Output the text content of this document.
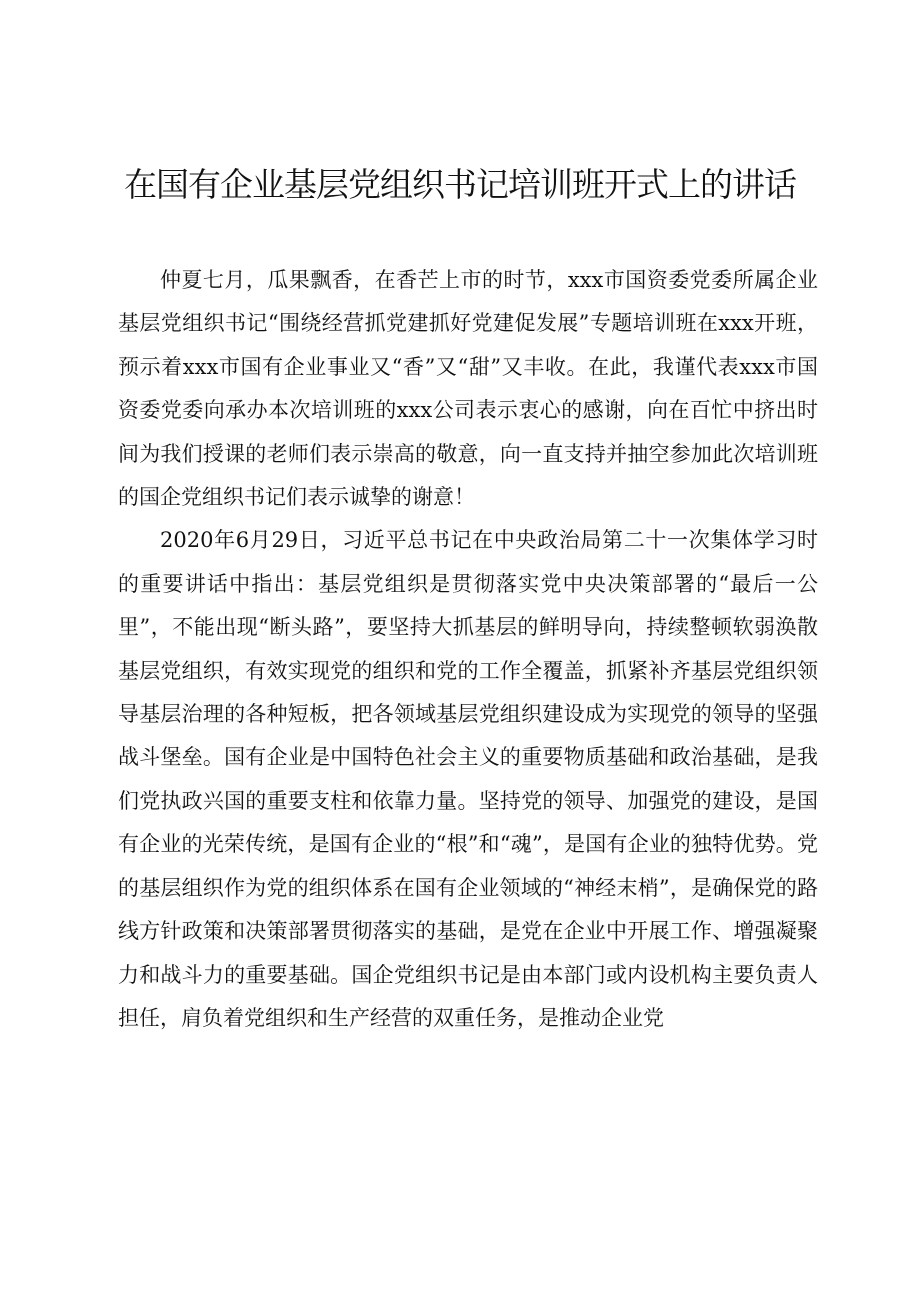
在国有企业基层党组织书记培训班开式上的讲话

仲夏七月，瓜果飘香，在香芒上市的时节，xxx市国资委党委所属企业基层党组织书记“围绕经营抓党建抓好党建促发展”专题培训班在xxx开班，预示着xxx市国有企业事业又“香”又“甜”又丰收。在此，我谨代表xxx市国资委党委向承办本次培训班的xxx公司表示衷心的感谢，向在百忙中挤出时间为我们授课的老师们表示崇高的敬意，向一直支持并抽空参加此次培训班的国企党组织书记们表示诚挚的谢意！

2020年6月29日，习近平总书记在中央政治局第二十一次集体学习时的重要讲话中指出：基层党组织是贯彻落实党中央决策部署的“最后一公里”，不能出现“断头路”，要坚持大抓基层的鲜明导向，持续整顿软弱涣散基层党组织，有效实现党的组织和党的工作全覆盖，抓紧补齐基层党组织领导基层治理的各种短板，把各领域基层党组织建设成为实现党的领导的坚强战斗堡垒。国有企业是中国特色社会主义的重要物质基础和政治基础，是我们党执政兴国的重要支柱和依靠力量。坚持党的领导、加强党的建设，是国有企业的光荣传统，是国有企业的“根”和“魂”，是国有企业的独特优势。党的基层组织作为党的组织体系在国有企业领域的“神经末梢”，是确保党的路线方针政策和决策部署贯彻落实的基础，是党在企业中开展工作、增强凝聚力和战斗力的重要基础。国企党组织书记是由本部门或内设机构主要负责人担任，肩负着党组织和生产经营的双重任务，是推动企业党
